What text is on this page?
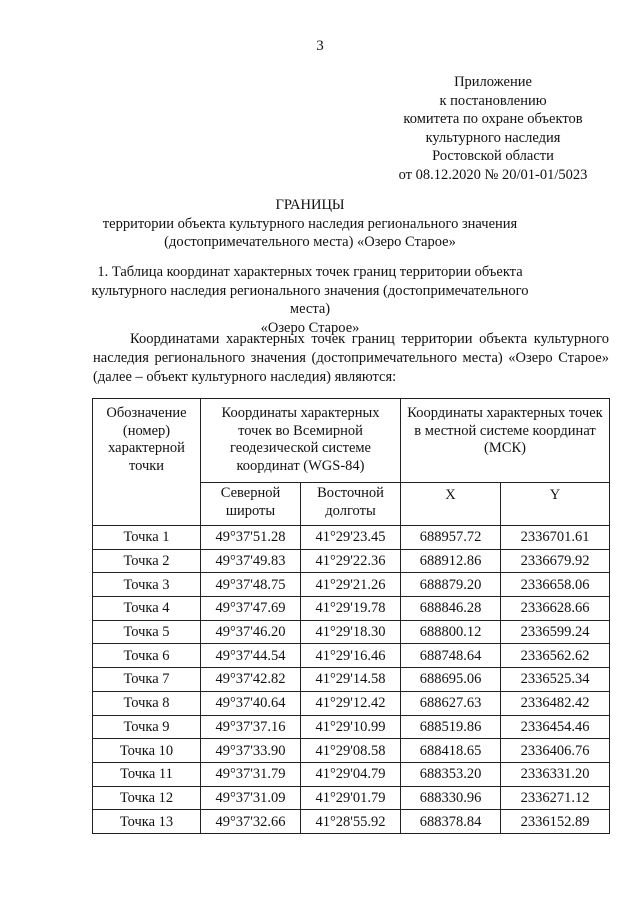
3
Приложение
к постановлению
комитета по охране объектов
культурного наследия
Ростовской области
от 08.12.2020 № 20/01-01/5023
ГРАНИЦЫ
территории объекта культурного наследия регионального значения
(достопримечательного места) «Озеро Старое»
1. Таблица координат характерных точек границ территории объекта
культурного наследия регионального значения (достопримечательного места)
«Озеро Старое»
Координатами характерных точек границ территории объекта культурного наследия регионального значения (достопримечательного места) «Озеро Старое» (далее – объект культурного наследия) являются:
Обозначение (номер) характерной точки	Координаты характерных точек во Всемирной геодезической системе координат (WGS-84)		Координаты характерных точек в местной системе координат (МСК)	
	Северной широты	Восточной долготы	X	Y
Точка 1	49°37'51.28	41°29'23.45	688957.72	2336701.61
Точка 2	49°37'49.83	41°29'22.36	688912.86	2336679.92
Точка 3	49°37'48.75	41°29'21.26	688879.20	2336658.06
Точка 4	49°37'47.69	41°29'19.78	688846.28	2336628.66
Точка 5	49°37'46.20	41°29'18.30	688800.12	2336599.24
Точка 6	49°37'44.54	41°29'16.46	688748.64	2336562.62
Точка 7	49°37'42.82	41°29'14.58	688695.06	2336525.34
Точка 8	49°37'40.64	41°29'12.42	688627.63	2336482.42
Точка 9	49°37'37.16	41°29'10.99	688519.86	2336454.46
Точка 10	49°37'33.90	41°29'08.58	688418.65	2336406.76
Точка 11	49°37'31.79	41°29'04.79	688353.20	2336331.20
Точка 12	49°37'31.09	41°29'01.79	688330.96	2336271.12
Точка 13	49°37'32.66	41°28'55.92	688378.84	2336152.89
